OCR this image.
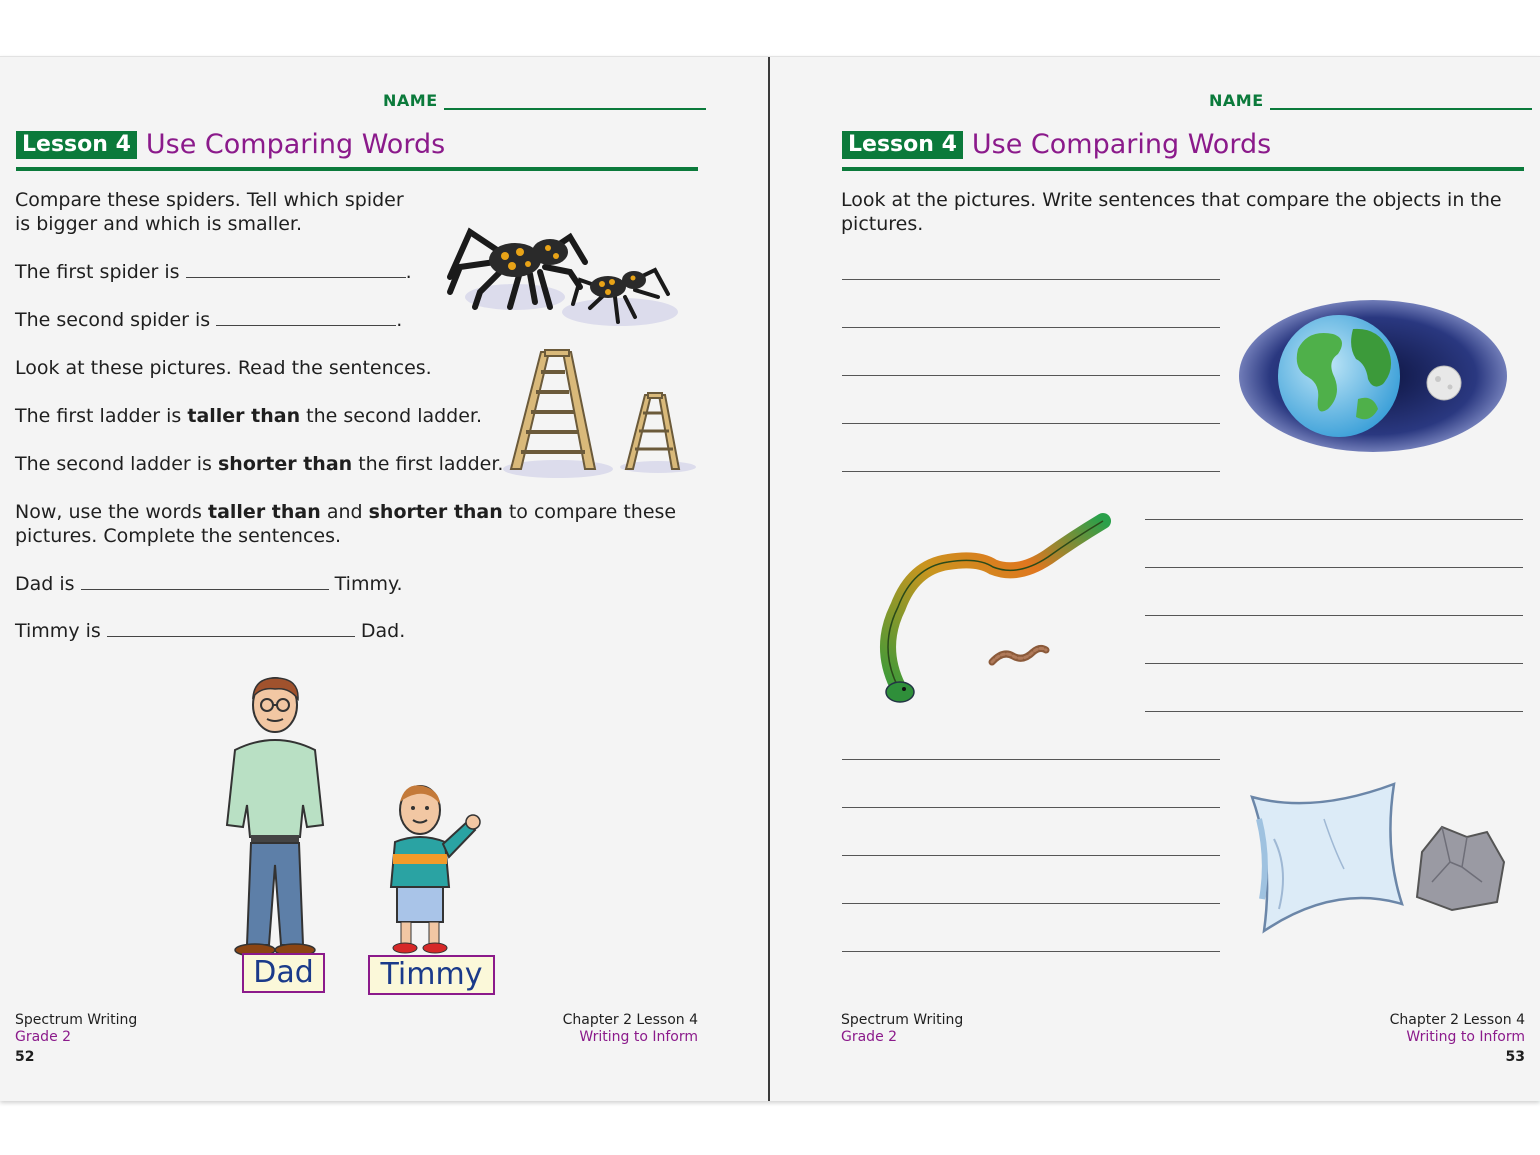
NAME
Lesson 4 Use Comparing Words
Compare these spiders. Tell which spider
is bigger and which is smaller.
The first spider is	.
The second spider is	.
Look at these pictures. Read the sentences.
The first ladder is taller than the second ladder.
The second ladder is shorter than the first ladder.
Now, use the words taller than and shorter than to compare these
pictures. Complete the sentences.
Dad is	Timmy.
Timmy is	Dad.
Dad	Timmy
Spectrum Writing
Grade 2
52
Chapter 2 Lesson 4
Writing to Inform
NAME
Lesson 4 Use Comparing Words
Look at the pictures. Write sentences that compare the objects in the
pictures.
Spectrum Writing
Grade 2
Chapter 2 Lesson 4
Writing to Inform
53
